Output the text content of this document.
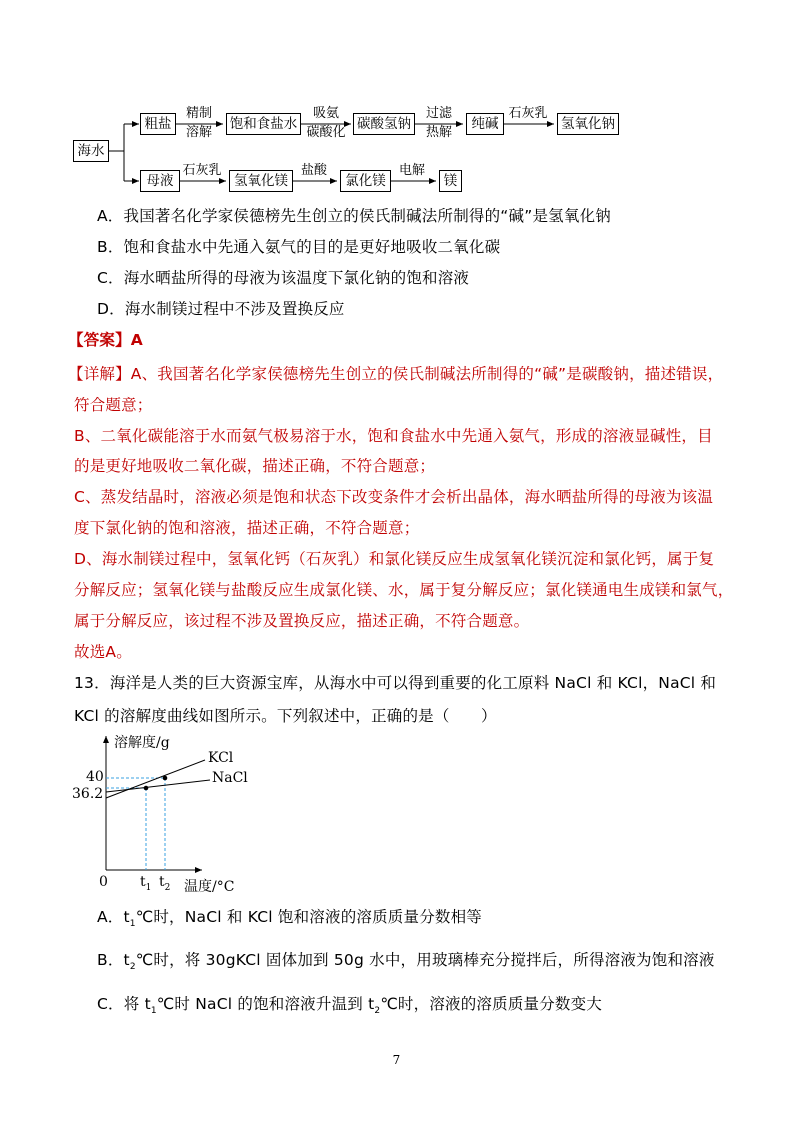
海水
粗盐
精制
溶解
饱和食盐水
吸氨
碳酸化
碳酸氢钠
过滤
热解
纯碱
石灰乳
氢氧化钠
母液
石灰乳
氢氧化镁
盐酸
氯化镁
电解
镁
A．我国著名化学家侯德榜先生创立的侯氏制碱法所制得的“碱”是氢氧化钠
B．饱和食盐水中先通入氨气的目的是更好地吸收二氧化碳
C．海水晒盐所得的母液为该温度下氯化钠的饱和溶液
D．海水制镁过程中不涉及置换反应
【答案】A
【详解】A、我国著名化学家侯德榜先生创立的侯氏制碱法所制得的“碱”是碳酸钠，描述错误，
符合题意；
B、二氧化碳能溶于水而氨气极易溶于水，饱和食盐水中先通入氨气，形成的溶液显碱性，目
的是更好地吸收二氧化碳，描述正确，不符合题意；
C、蒸发结晶时，溶液必须是饱和状态下改变条件才会析出晶体，海水晒盐所得的母液为该温
度下氯化钠的饱和溶液，描述正确，不符合题意；
D、海水制镁过程中，氢氧化钙（石灰乳）和氯化镁反应生成氢氧化镁沉淀和氯化钙，属于复
分解反应；氢氧化镁与盐酸反应生成氯化镁、水，属于复分解反应；氯化镁通电生成镁和氯气，
属于分解反应，该过程不涉及置换反应，描述正确，不符合题意。
故选A。
13．海洋是人类的巨大资源宝库，从海水中可以得到重要的化工原料 NaCl 和 KCl，NaCl 和
KCl 的溶解度曲线如图所示。下列叙述中，正确的是（　　）
溶解度/g
KCl
NaCl
40
36.2
0 $t_1$ $t_2$ 温度/°C
A．$t_1℃$时，NaCl 和 KCl 饱和溶液的溶质质量分数相等
B．$t_2℃$时，将 30gKCl 固体加到 50g 水中，用玻璃棒充分搅拌后，所得溶液为饱和溶液
C．将 $t_1℃$时 NaCl 的饱和溶液升温到 $t_2℃$时，溶液的溶质质量分数变大
7
